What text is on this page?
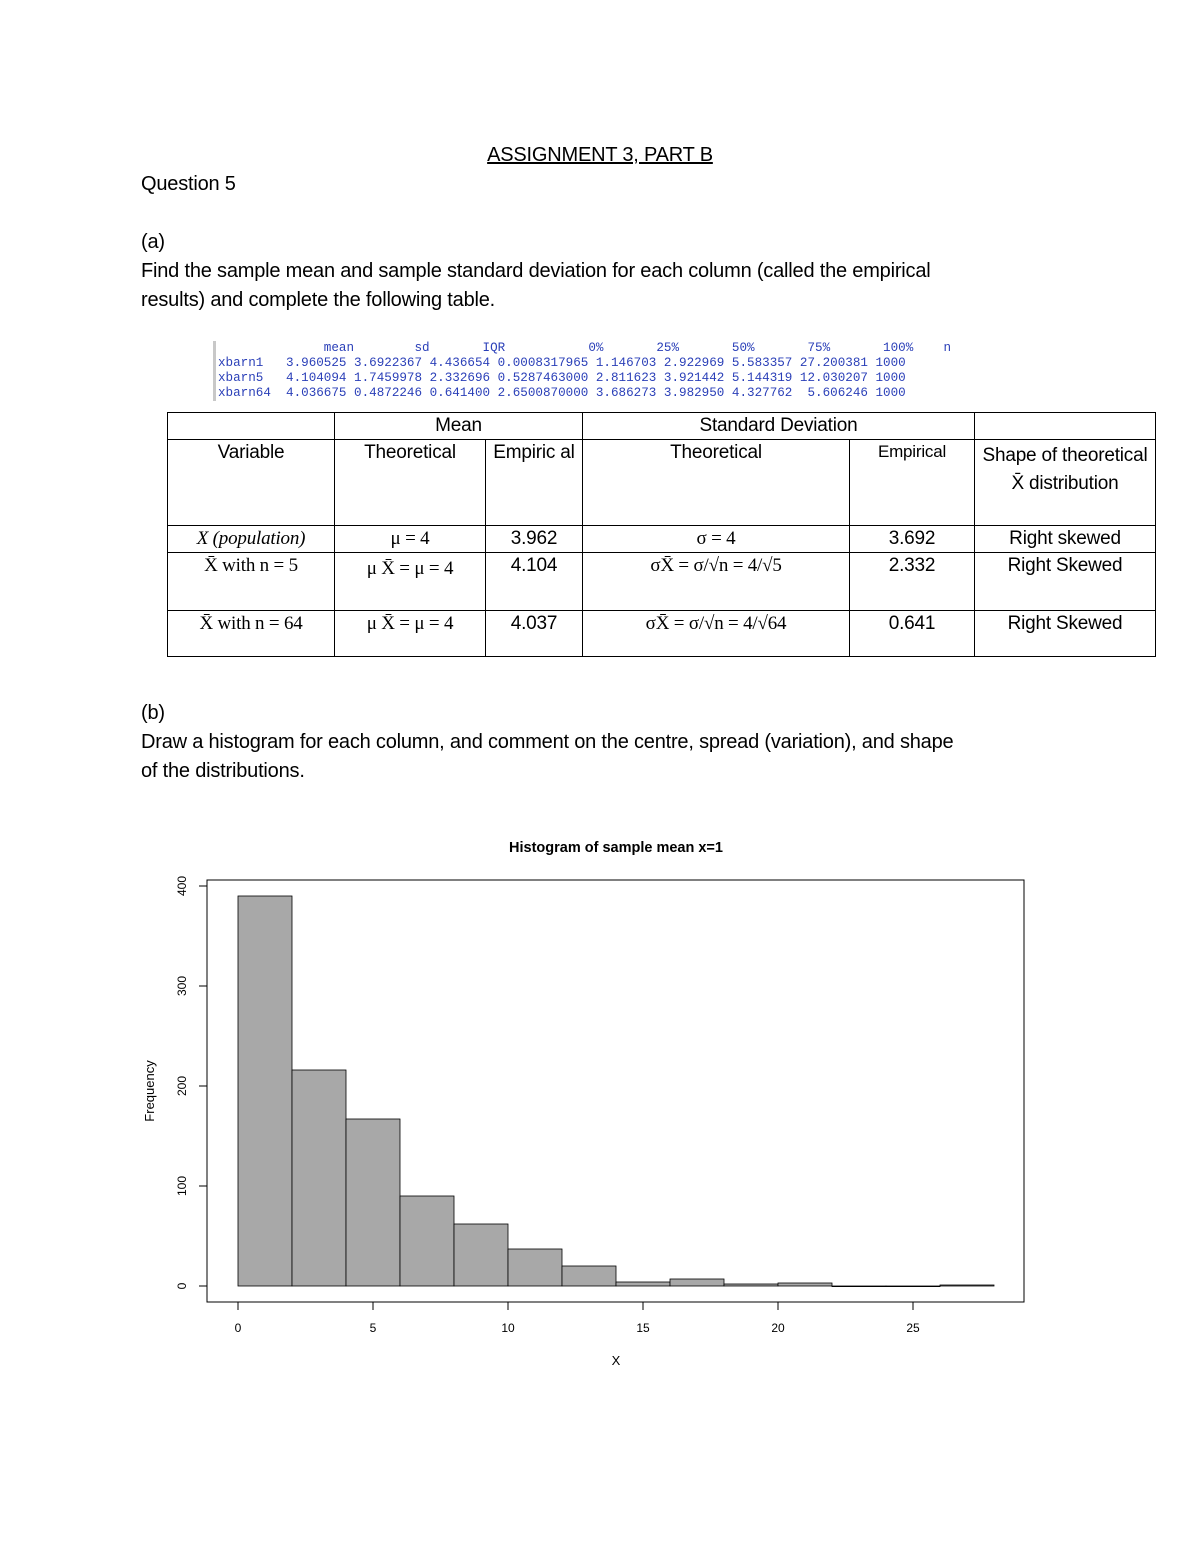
ASSIGNMENT 3, PART B
Question 5
(a)
Find the sample mean and sample standard deviation for each column (called the empirical
results) and complete the following table.
mean        sd       IQR           0%       25%       50%       75%       100%    n
xbarn1   3.960525 3.6922367 4.436654 0.0008317965 1.146703 2.922969 5.583357 27.200381 1000
xbarn5   4.104094 1.7459978 2.332696 0.5287463000 2.811623 3.921442 5.144319 12.030207 1000
xbarn64  4.036675 0.4872246 0.641400 2.6500870000 3.686273 3.982950 4.327762  5.606246 1000
	Mean		Standard Deviation		
Variable	Theoretical	Empiric al	Theoretical	Empirical	Shape of theoretical X̄ distribution
X (population)	μ = 4	3.962	σ = 4	3.692	Right skewed
X̄ with n = 5	μ X̄ = μ = 4	4.104	σX̄ = σ/√n = 4/√5	2.332	Right Skewed
X̄ with n = 64	μ X̄ = μ = 4	4.037	σX̄ = σ/√n = 4/√64	0.641	Right Skewed
(b)
Draw a histogram for each column, and comment on the centre, spread (variation), and shape
of the distributions.
Histogram of sample mean x=1
0	5	10	15	20	25
0
100
200
300
400
X
Frequency
